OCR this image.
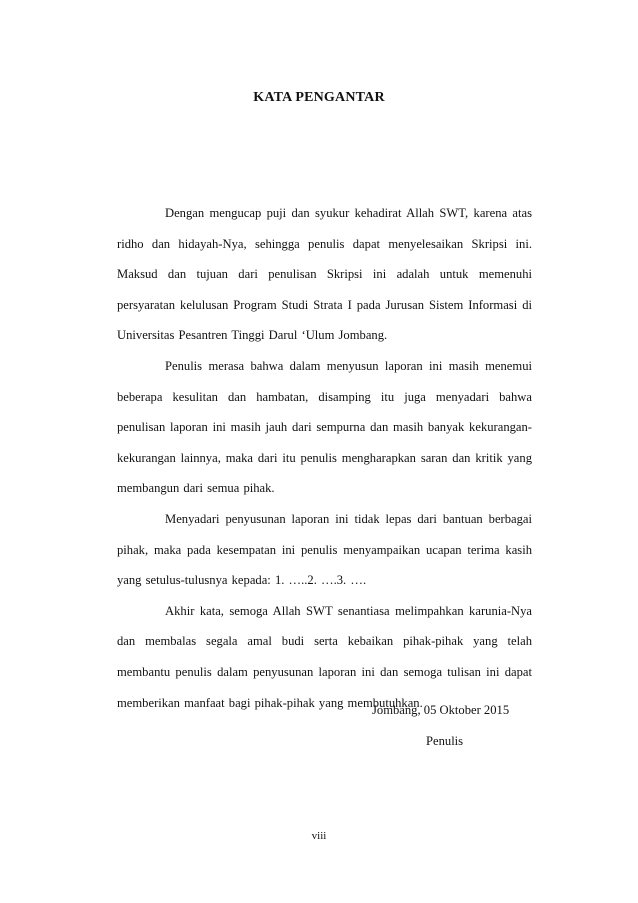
KATA PENGANTAR

Dengan mengucap puji dan syukur kehadirat Allah SWT, karena atas ridho dan hidayah-Nya, sehingga penulis dapat menyelesaikan Skripsi ini. Maksud dan tujuan dari penulisan Skripsi ini adalah untuk memenuhi persyaratan kelulusan Program Studi Strata I pada Jurusan Sistem Informasi di Universitas Pesantren Tinggi Darul ‘Ulum Jombang.

Penulis merasa bahwa dalam menyusun laporan ini masih menemui beberapa kesulitan dan hambatan, disamping itu juga menyadari bahwa penulisan laporan ini masih jauh dari sempurna dan masih banyak kekurangan-kekurangan lainnya, maka dari itu penulis mengharapkan saran dan kritik yang membangun dari semua pihak.

Menyadari penyusunan laporan ini tidak lepas dari bantuan berbagai pihak, maka pada kesempatan ini penulis menyampaikan ucapan terima kasih yang setulus-tulusnya kepada: 1. …..2. ….3. ….

Akhir kata, semoga Allah SWT senantiasa melimpahkan karunia-Nya dan membalas segala amal budi serta kebaikan pihak-pihak yang telah membantu penulis dalam penyusunan laporan ini dan semoga tulisan ini dapat memberikan manfaat bagi pihak-pihak yang membutuhkan.

Jombang, 05 Oktober 2015
Penulis
viii
